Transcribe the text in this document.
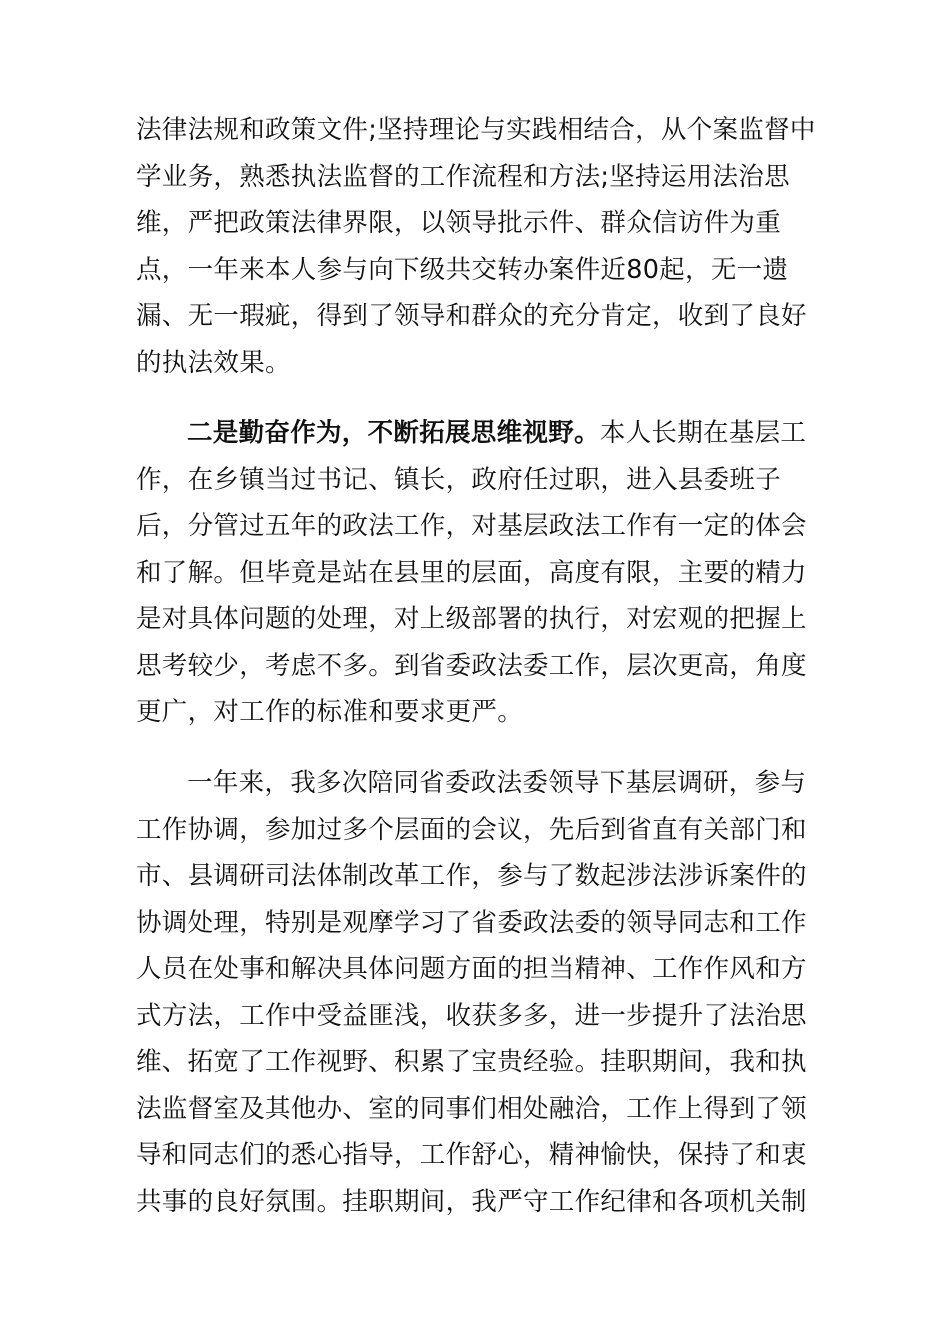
法律法规和政策文件;坚持理论与实践相结合，从个案监督中
学业务，熟悉执法监督的工作流程和方法;坚持运用法治思
维，严把政策法律界限，以领导批示件、群众信访件为重
点，一年来本人参与向下级共交转办案件近80起，无一遗
漏、无一瑕疵，得到了领导和群众的充分肯定，收到了良好
的执法效果。
二是勤奋作为，不断拓展思维视野。本人长期在基层工
作，在乡镇当过书记、镇长，政府任过职，进入县委班子
后，分管过五年的政法工作，对基层政法工作有一定的体会
和了解。但毕竟是站在县里的层面，高度有限，主要的精力
是对具体问题的处理，对上级部署的执行，对宏观的把握上
思考较少，考虑不多。到省委政法委工作，层次更高，角度
更广，对工作的标准和要求更严。
一年来，我多次陪同省委政法委领导下基层调研，参与
工作协调，参加过多个层面的会议，先后到省直有关部门和
市、县调研司法体制改革工作，参与了数起涉法涉诉案件的
协调处理，特别是观摩学习了省委政法委的领导同志和工作
人员在处事和解决具体问题方面的担当精神、工作作风和方
式方法，工作中受益匪浅，收获多多，进一步提升了法治思
维、拓宽了工作视野、积累了宝贵经验。挂职期间，我和执
法监督室及其他办、室的同事们相处融洽，工作上得到了领
导和同志们的悉心指导，工作舒心，精神愉快，保持了和衷
共事的良好氛围。挂职期间，我严守工作纪律和各项机关制
